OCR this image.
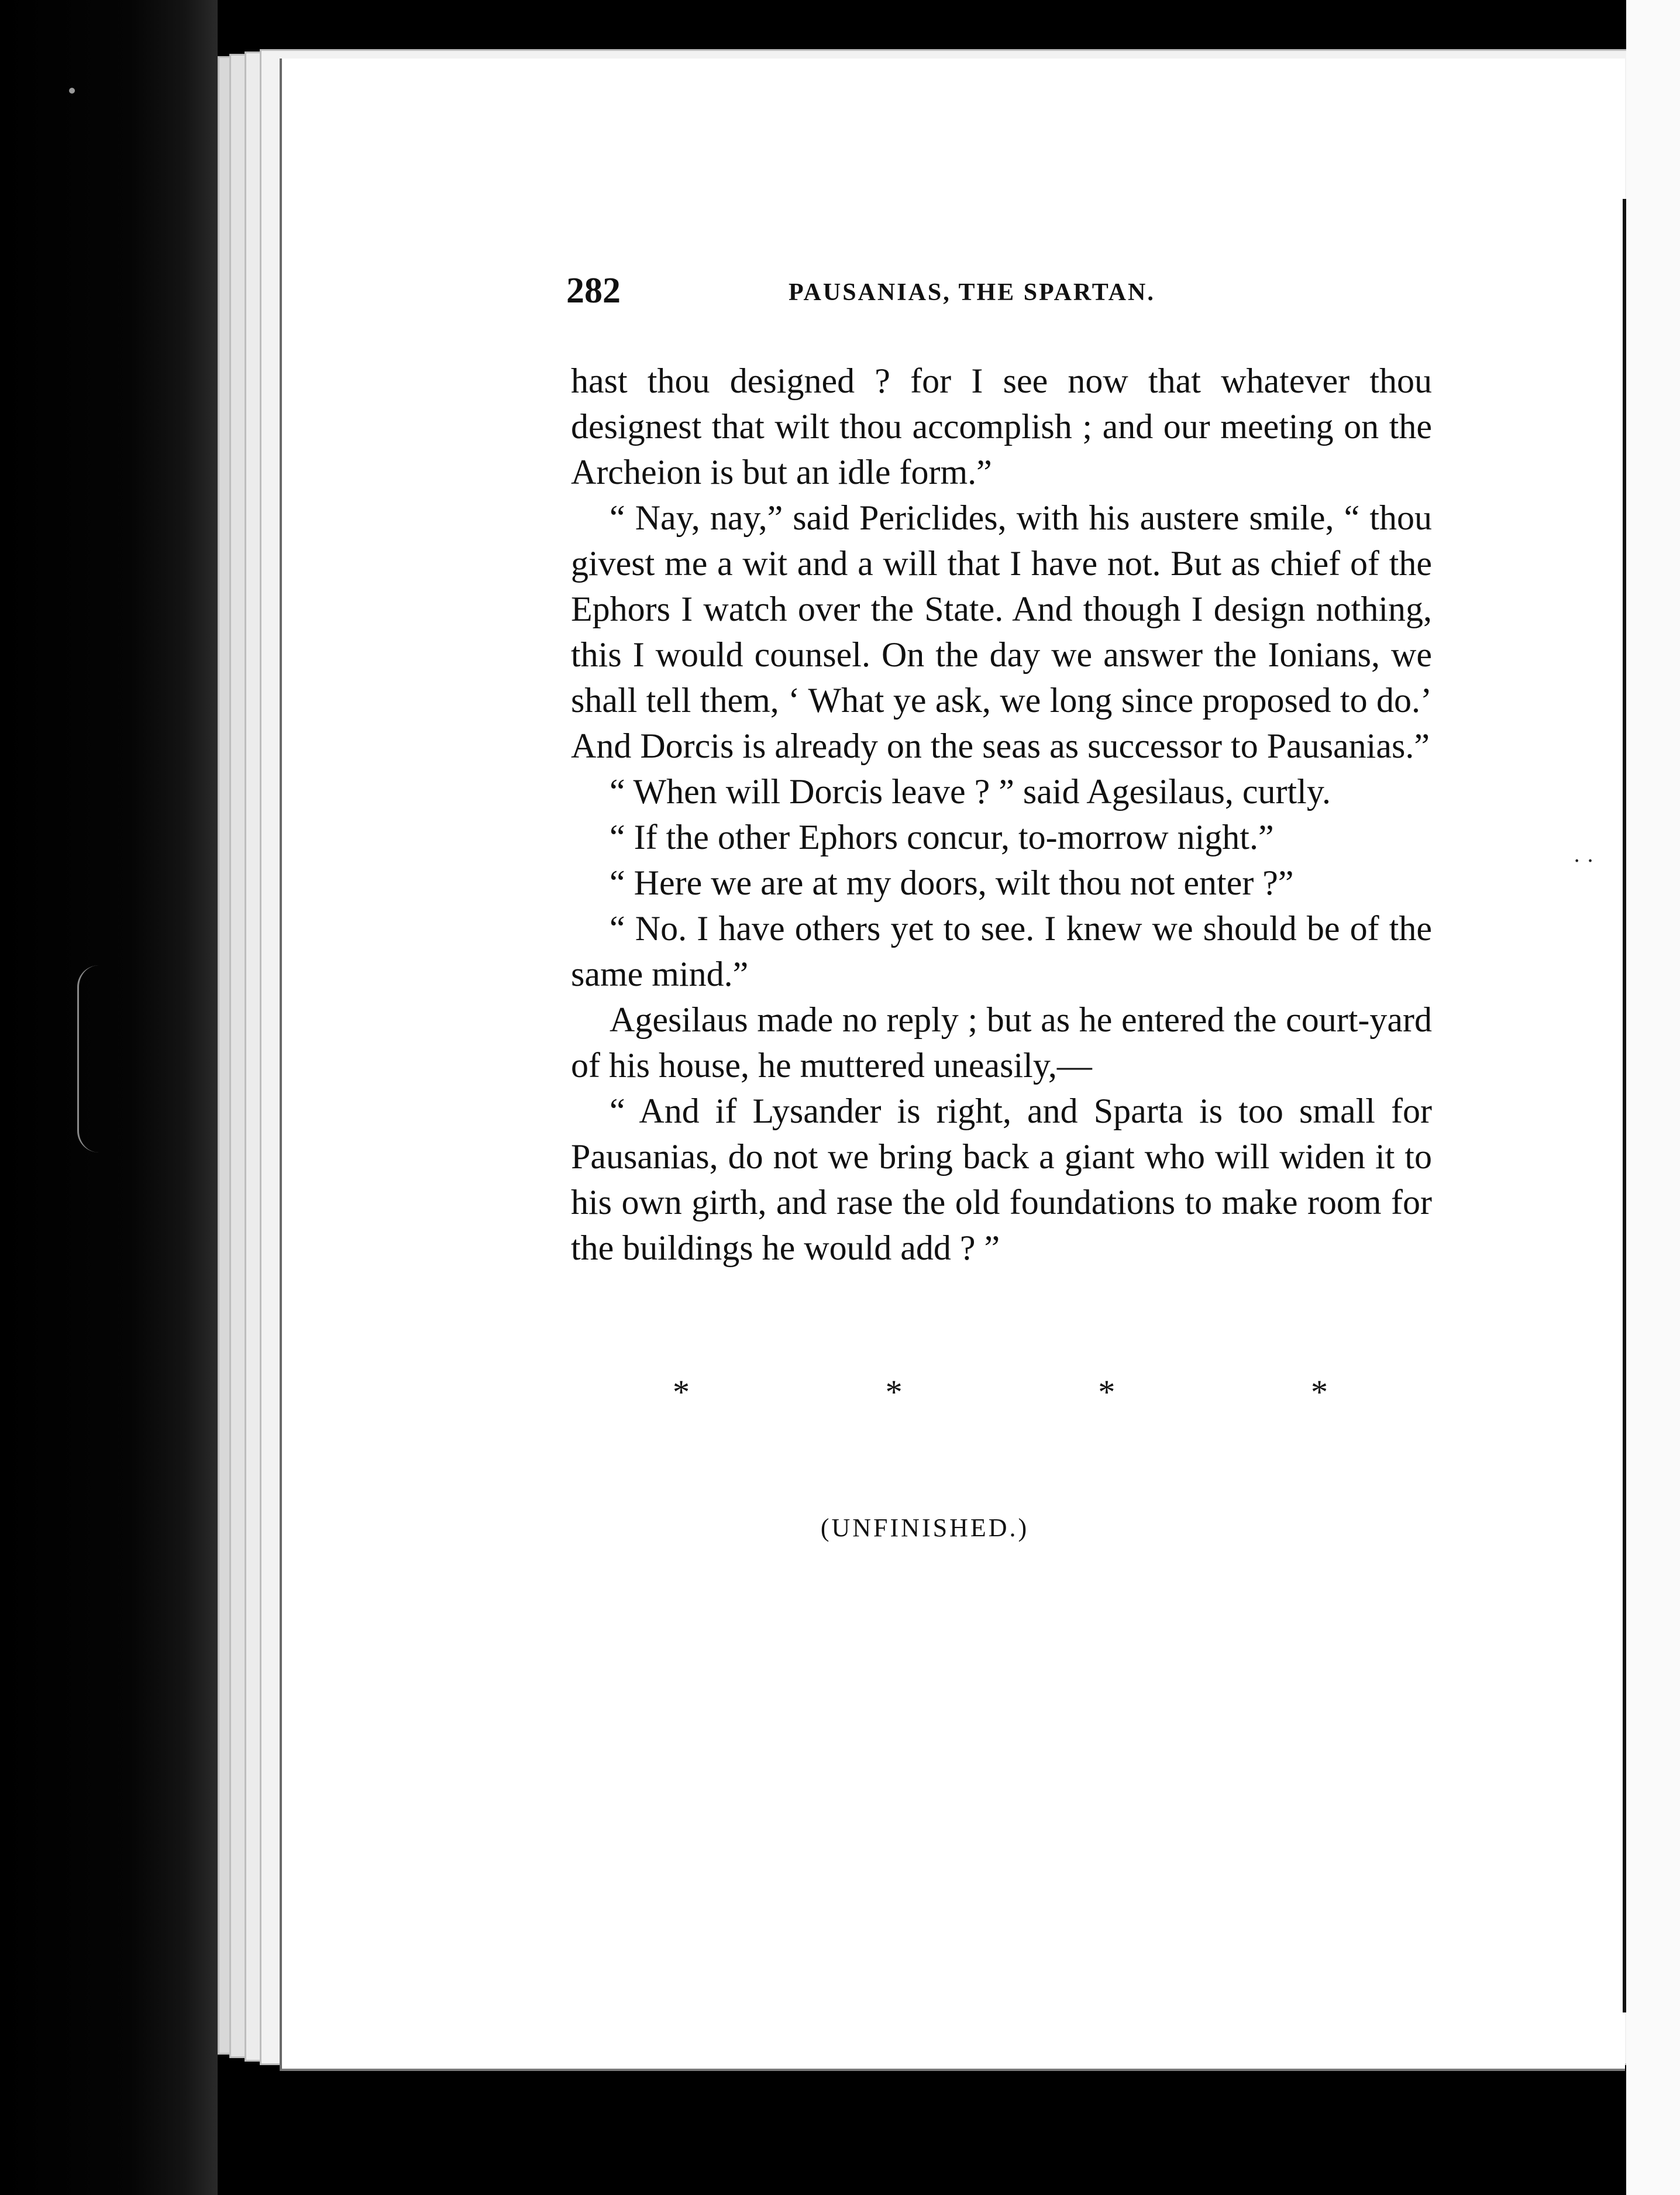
· ·
282	PAUSANIAS, THE SPARTAN.

hast thou designed ? for I see now that whatever thou designest that wilt thou accomplish ; and our meeting on the Archeion is but an idle form.”

“ Nay, nay,” said Periclides, with his austere smile, “ thou givest me a wit and a will that I have not. But as chief of the Ephors I watch over the State. And though I design nothing, this I would counsel. On the day we answer the Ionians, we shall tell them, ‘ What ye ask, we long since proposed to do.’ And Dorcis is already on the seas as successor to Pausanias.”

“ When will Dorcis leave ? ” said Agesilaus, curtly.

“ If the other Ephors concur, to-morrow night.”

“ Here we are at my doors, wilt thou not enter ?”

“ No. I have others yet to see. I knew we should be of the same mind.”

Agesilaus made no reply ; but as he entered the court-yard of his house, he muttered uneasily,—

“ And if Lysander is right, and Sparta is too small for Pausanias, do not we bring back a giant who will widen it to his own girth, and rase the old foundations to make room for the buildings he would add ? ”

*	*	*	*
(UNFINISHED.)
